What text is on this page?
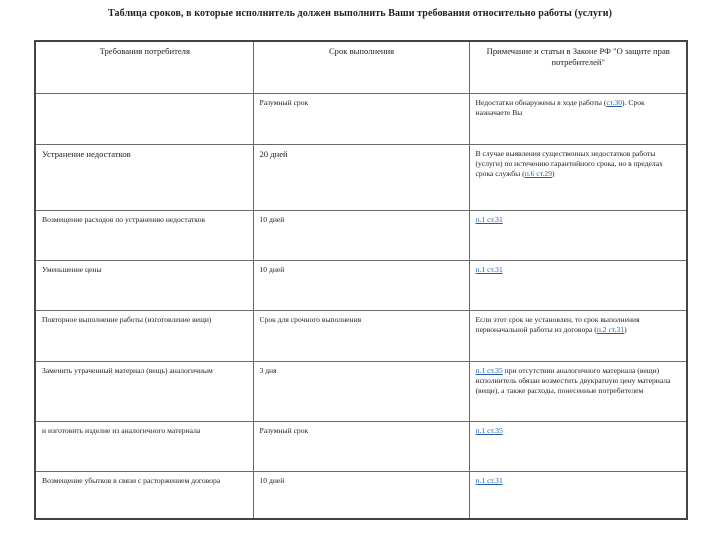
Таблица сроков, в которые исполнитель должен выполнить Ваши требования относительно работы (услуги)
Требования потребителя	Срок выполнения	Примечание и статьи в Законе РФ "О защите прав потребителей"
	Разумный срок	Недостатки обнаружены в ходе работы (ст.30). Срок назначаете Вы
Устранение недостатков	20 дней	В случае выявления существенных недостатков работы (услуги) по истечению гарантийного срока, но в пределах срока службы (п.6 ст.29)
Возмещение расходов по устранению недостатков	10 дней	п.1 ст.31
Уменьшение цены	10 дней	п.1 ст.31
Повторное выполнение работы (изготовление вещи)	Срок для срочного выполнения	Если этот срок не установлен, то срок выполнения первоначальной работы из договора (п.2 ст.31)
Заменить утраченный материал (вещь) аналогичным	3 дня	п.1 ст.35 при отсутствии аналогичного материала (вещи) исполнитель обязан возместить двукратную цену материала (вещи), а также расходы, понесенные потребителем
и изготовить изделие из аналогичного материала	Разумный срок	п.1 ст.35
Возмещение убытков в связи с расторжением договора	10 дней	п.1 ст.31
